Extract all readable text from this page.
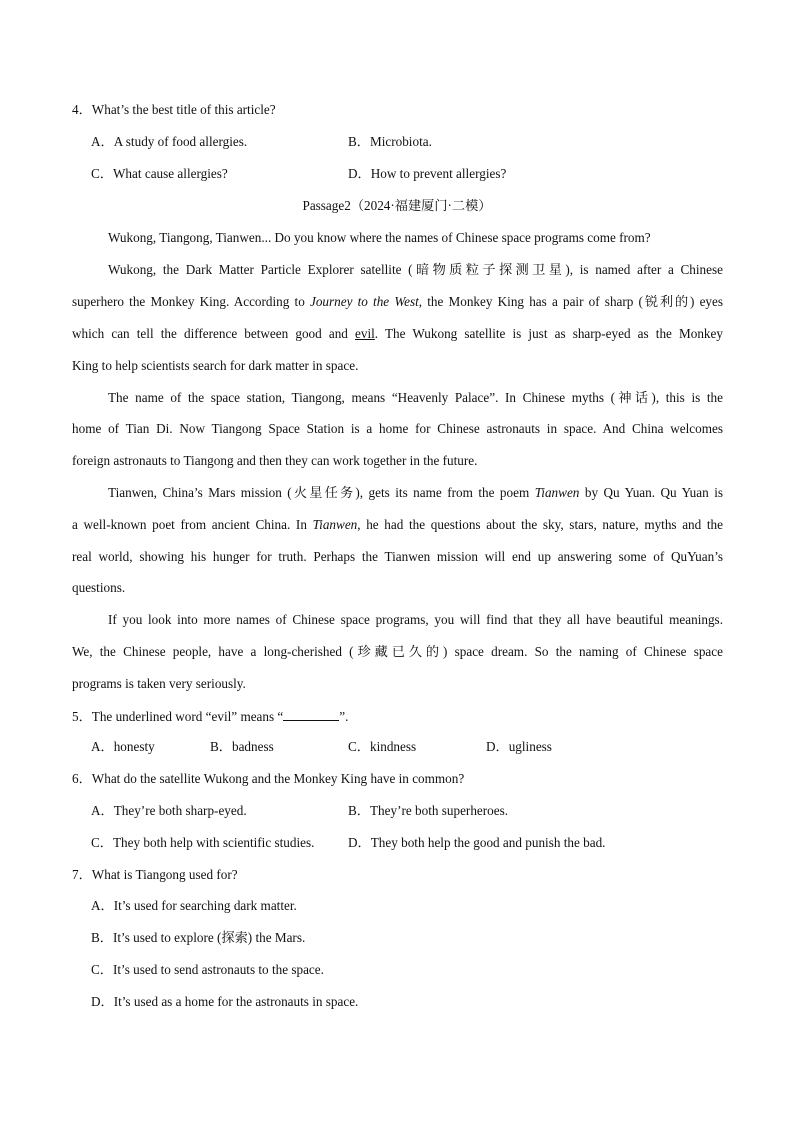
4．What’s the best title of this article?
A．A study of food allergies.	B．Microbiota.
C．What cause allergies?	D．How to prevent allergies?
Passage2（2024·福建厦门·二模）
Wukong, Tiangong, Tianwen... Do you know where the names of Chinese space programs come from?
Wukong, the Dark Matter Particle Explorer satellite (暗物质粒子探测卫星), is named after a Chinese
superhero the Monkey King. According to Journey to the West, the Monkey King has a pair of sharp (锐利的) eyes
which can tell the difference between good and evil. The Wukong satellite is just as sharp-eyed as the Monkey
King to help scientists search for dark matter in space.
The name of the space station, Tiangong, means “Heavenly Palace”. In Chinese myths (神话), this is the
home of Tian Di. Now Tiangong Space Station is a home for Chinese astronauts in space. And China welcomes
foreign astronauts to Tiangong and then they can work together in the future.
Tianwen, China’s Mars mission (火星任务), gets its name from the poem Tianwen by Qu Yuan. Qu Yuan is
a well-known poet from ancient China. In Tianwen, he had the questions about the sky, stars, nature, myths and the
real world, showing his hunger for truth. Perhaps the Tianwen mission will end up answering some of QuYuan’s
questions.
If you look into more names of Chinese space programs, you will find that they all have beautiful meanings.
We, the Chinese people, have a long-cherished (珍藏已久的) space dream. So the naming of Chinese space
programs is taken very seriously.
5．The underlined word “evil” means “	”.
A．honesty	B．badness	C．kindness	D．ugliness
6．What do the satellite Wukong and the Monkey King have in common?
A．They’re both sharp-eyed.	B．They’re both superheroes.
C．They both help with scientific studies.	D．They both help the good and punish the bad.
7．What is Tiangong used for?
A．It’s used for searching dark matter.
B．It’s used to explore (探索) the Mars.
C．It’s used to send astronauts to the space.
D．It’s used as a home for the astronauts in space.
